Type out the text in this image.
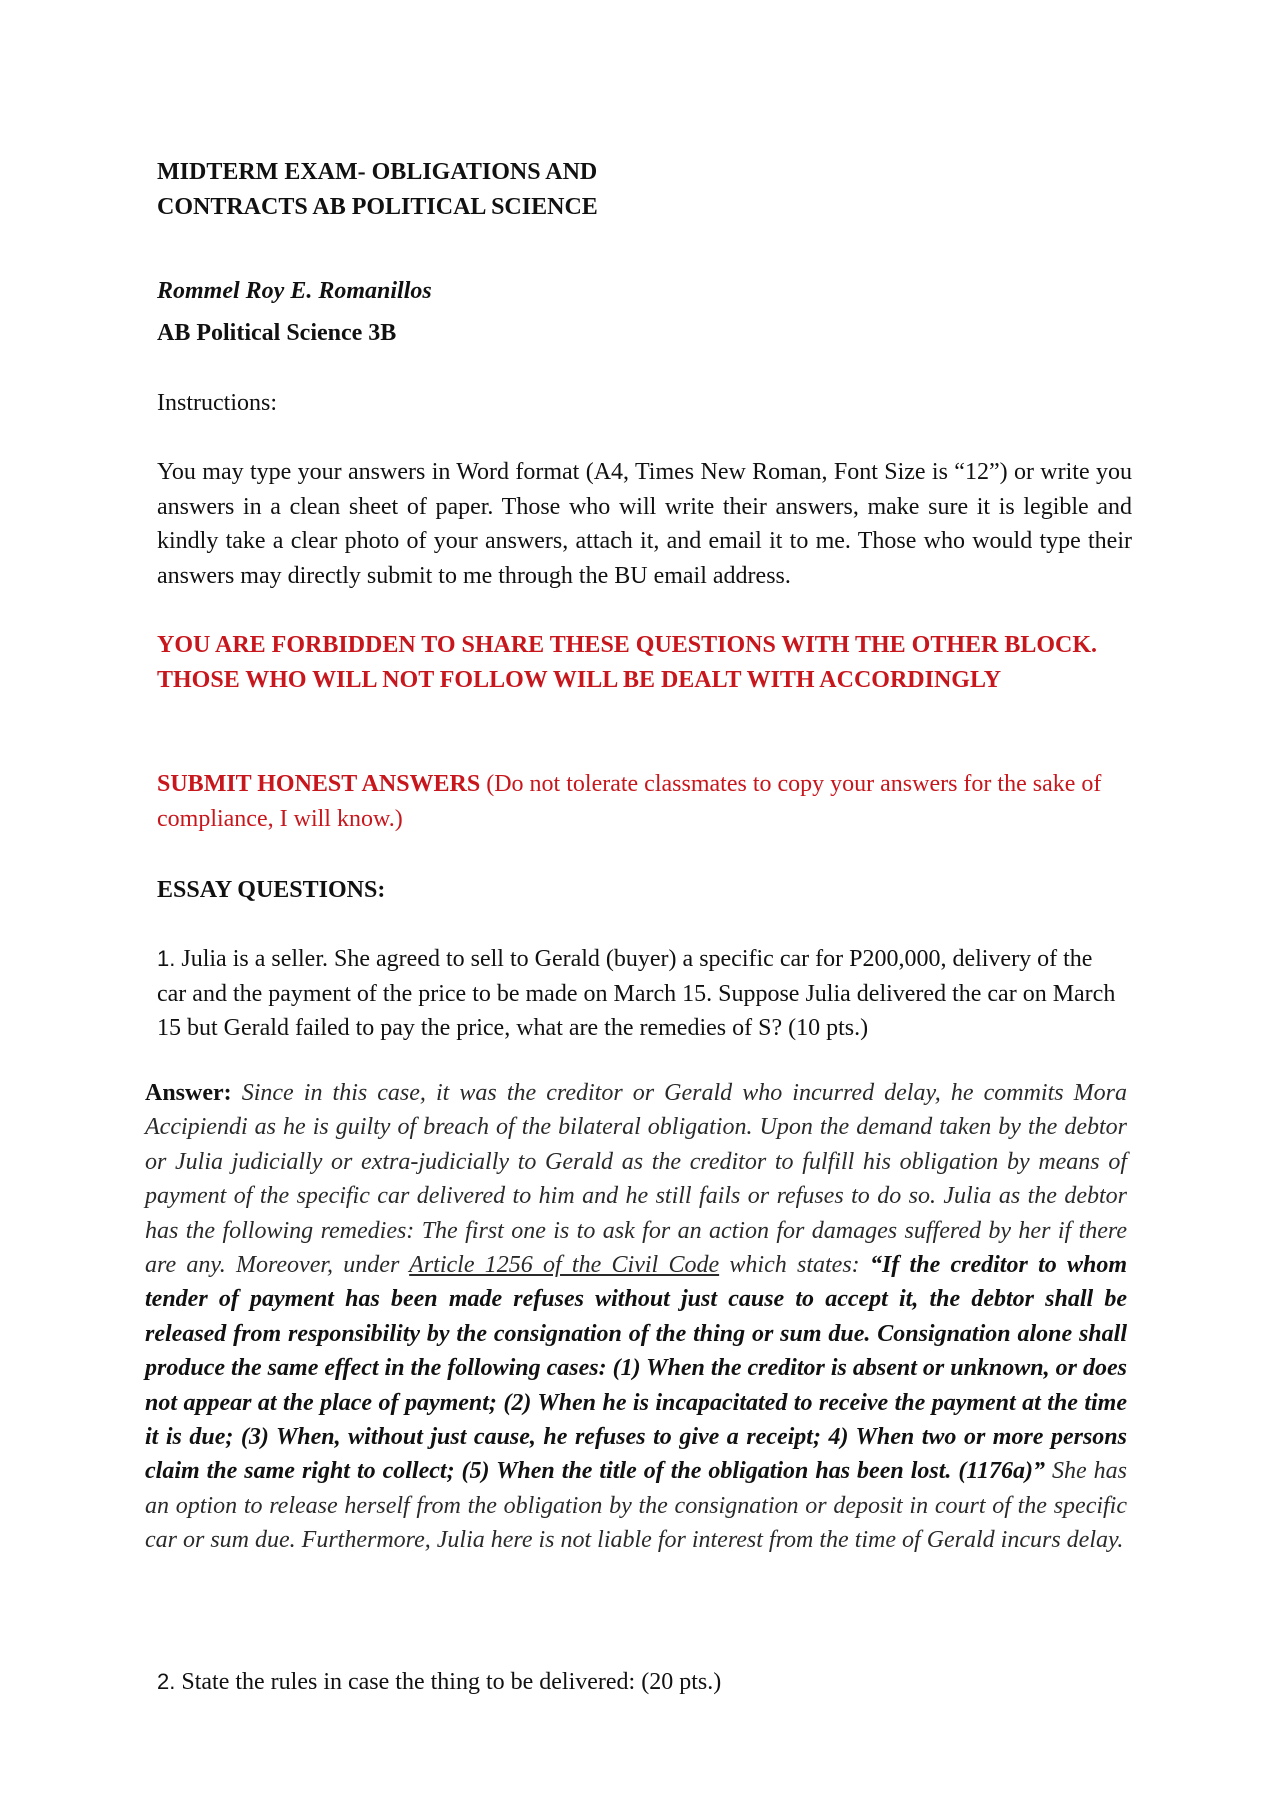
MIDTERM EXAM- OBLIGATIONS AND
CONTRACTS AB POLITICAL SCIENCE
Rommel Roy E. Romanillos
AB Political Science 3B
Instructions:
You may type your answers in Word format (A4, Times New Roman, Font Size is “12”) or write you answers in a clean sheet of paper. Those who will write their answers, make sure it is legible and kindly take a clear photo of your answers, attach it, and email it to me. Those who would type their answers may directly submit to me through the BU email address.
YOU ARE FORBIDDEN TO SHARE THESE QUESTIONS WITH THE OTHER BLOCK. THOSE WHO WILL NOT FOLLOW WILL BE DEALT WITH ACCORDINGLY
SUBMIT HONEST ANSWERS (Do not tolerate classmates to copy your answers for the sake of compliance, I will know.)
ESSAY QUESTIONS:
1. Julia is a seller. She agreed to sell to Gerald (buyer) a specific car for P200,000, delivery of the car and the payment of the price to be made on March 15. Suppose Julia delivered the car on March 15 but Gerald failed to pay the price, what are the remedies of S? (10 pts.)
Answer: Since in this case, it was the creditor or Gerald who incurred delay, he commits Mora Accipiendi as he is guilty of breach of the bilateral obligation. Upon the demand taken by the debtor or Julia judicially or extra-judicially to Gerald as the creditor to fulfill his obligation by means of payment of the specific car delivered to him and he still fails or refuses to do so. Julia as the debtor has the following remedies: The first one is to ask for an action for damages suffered by her if there are any. Moreover, under Article 1256 of the Civil Code which states: “If the creditor to whom tender of payment has been made refuses without just cause to accept it, the debtor shall be released from responsibility by the consignation of the thing or sum due. Consignation alone shall produce the same effect in the following cases: (1) When the creditor is absent or unknown, or does not appear at the place of payment; (2) When he is incapacitated to receive the payment at the time it is due; (3) When, without just cause, he refuses to give a receipt; 4) When two or more persons claim the same right to collect; (5) When the title of the obligation has been lost. (1176a)” She has an option to release herself from the obligation by the consignation or deposit in court of the specific car or sum due. Furthermore, Julia here is not liable for interest from the time of Gerald incurs delay.
2. State the rules in case the thing to be delivered: (20 pts.)
